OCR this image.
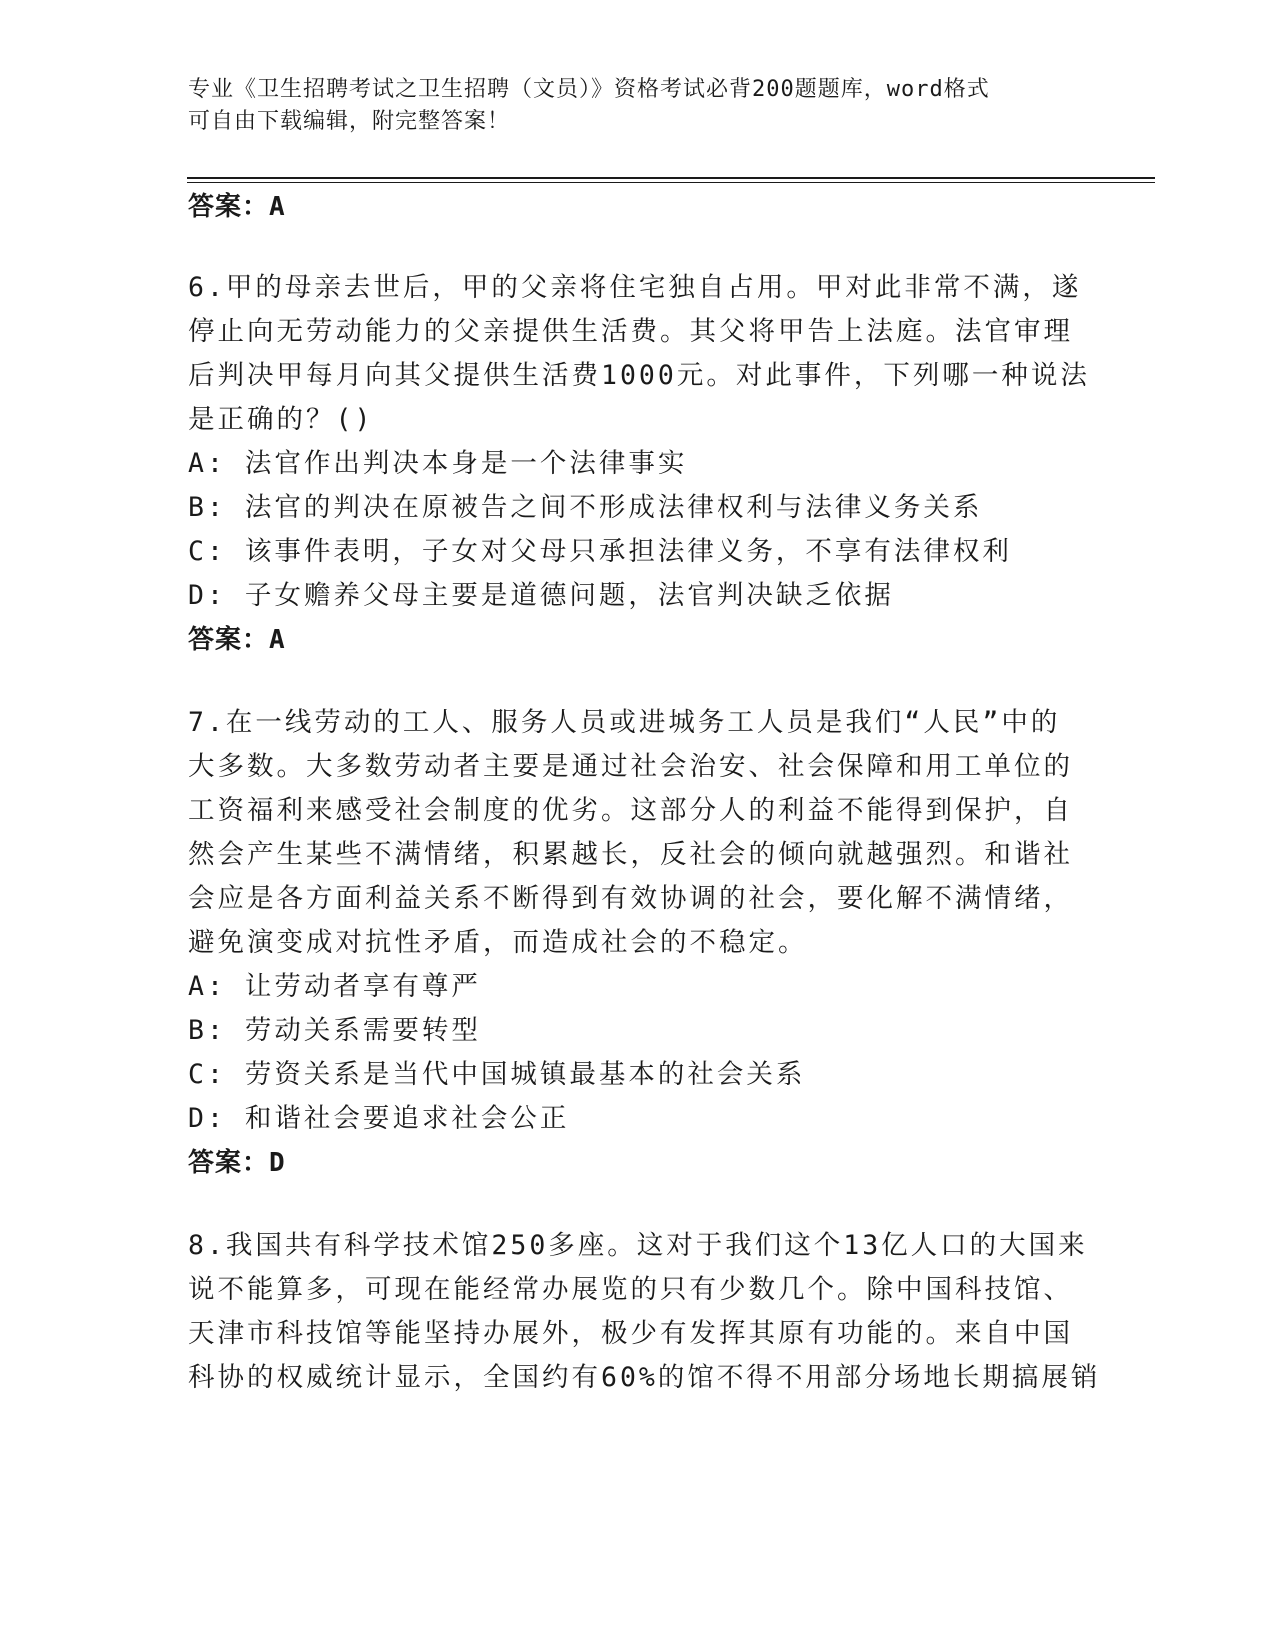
专业《卫生招聘考试之卫生招聘（文员）》资格考试必背200题题库，word格式
可自由下载编辑，附完整答案！
答案：A
6.甲的母亲去世后，甲的父亲将住宅独自占用。甲对此非常不满，遂
停止向无劳动能力的父亲提供生活费。其父将甲告上法庭。法官审理
后判决甲每月向其父提供生活费1000元。对此事件，下列哪一种说法
是正确的？()
A: 法官作出判决本身是一个法律事实
B: 法官的判决在原被告之间不形成法律权利与法律义务关系
C: 该事件表明，子女对父母只承担法律义务，不享有法律权利
D: 子女赡养父母主要是道德问题，法官判决缺乏依据
答案：A
7.在一线劳动的工人、服务人员或进城务工人员是我们“人民”中的
大多数。大多数劳动者主要是通过社会治安、社会保障和用工单位的
工资福利来感受社会制度的优劣。这部分人的利益不能得到保护，自
然会产生某些不满情绪，积累越长，反社会的倾向就越强烈。和谐社
会应是各方面利益关系不断得到有效协调的社会，要化解不满情绪，
避免演变成对抗性矛盾，而造成社会的不稳定。
A: 让劳动者享有尊严
B: 劳动关系需要转型
C: 劳资关系是当代中国城镇最基本的社会关系
D: 和谐社会要追求社会公正
答案：D
8.我国共有科学技术馆250多座。这对于我们这个13亿人口的大国来
说不能算多，可现在能经常办展览的只有少数几个。除中国科技馆、
天津市科技馆等能坚持办展外，极少有发挥其原有功能的。来自中国
科协的权威统计显示，全国约有60%的馆不得不用部分场地长期搞展销
